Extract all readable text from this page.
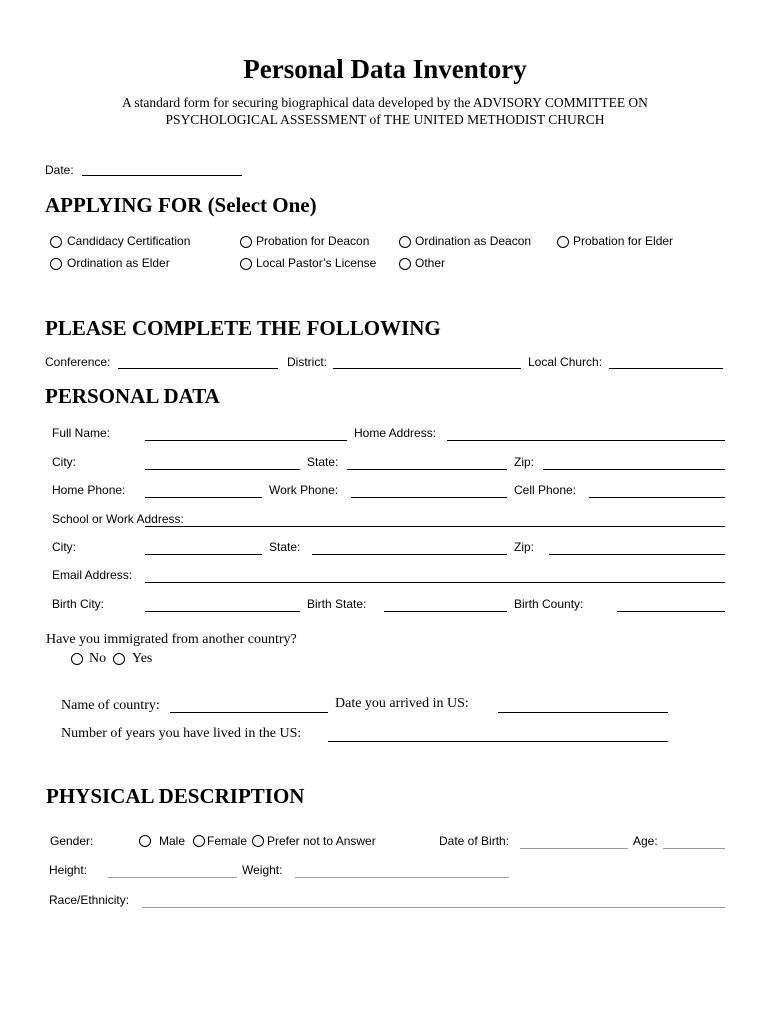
Personal Data Inventory
A standard form for securing biographical data developed by the ADVISORY COMMITTEE ON
PSYCHOLOGICAL ASSESSMENT of THE UNITED METHODIST CHURCH
Date:
APPLYING FOR (Select One)
Candidacy Certification	Probation for Deacon	Ordination as Deacon	Probation for Elder
Ordination as Elder	Local Pastor’s License	Other
PLEASE COMPLETE THE FOLLOWING
Conference:	District:	Local Church:
PERSONAL DATA
Full Name:	Home Address:
City:	State:	Zip:
Home Phone:	Work Phone:	Cell Phone:
School or Work Address:
City:	State:	Zip:
Email Address:
Birth City:	Birth State:	Birth County:
Have you immigrated from another country?
No Yes
Name of country:	Date you arrived in US:
Number of years you have lived in the US:
PHYSICAL DESCRIPTION
Gender:	Male Female Prefer not to Answer	Date of Birth:	Age:
Height:	Weight:
Race/Ethnicity:
